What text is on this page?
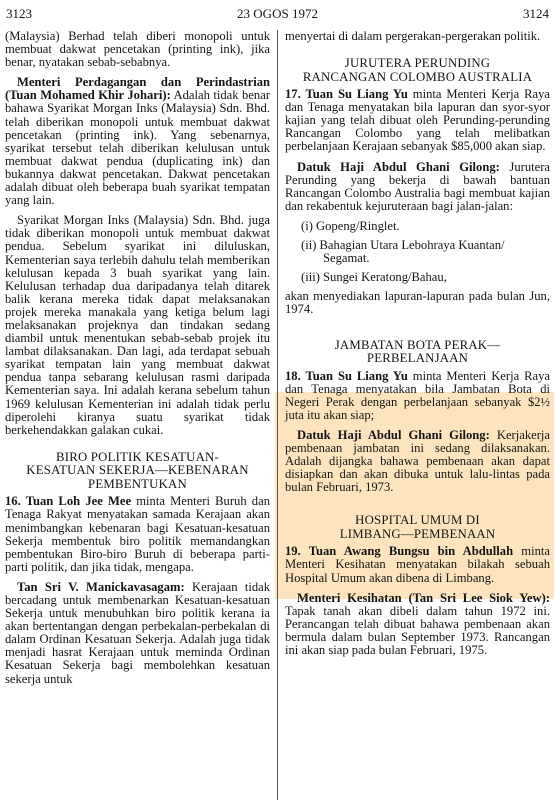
3123	23 OGOS 1972	3124

(Malaysia) Berhad telah diberi monopoli untuk membuat dakwat pencetakan (printing ink), jika benar, nyatakan sebab-sebabnya.

Menteri Perdagangan dan Perindastrian (Tuan Mohamed Khir Johari): Adalah tidak benar bahawa Syarikat Morgan Inks (Malaysia) Sdn. Bhd. telah diberikan monopoli untuk membuat dakwat pencetakan (printing ink). Yang sebenarnya, syarikat tersebut telah diberikan kelulusan untuk membuat dakwat pendua (duplicating ink) dan bukannya dakwat pencetakan. Dakwat pencetakan adalah dibuat oleh beberapa buah syarikat tempatan yang lain.

Syarikat Morgan Inks (Malaysia) Sdn. Bhd. juga tidak diberikan monopoli untuk membuat dakwat pendua. Sebelum syarikat ini diluluskan, Kementerian saya terlebih dahulu telah memberikan kelulusan kepada 3 buah syarikat yang lain. Kelulusan terhadap dua daripadanya telah ditarek balik kerana mereka tidak dapat melaksanakan projek mereka manakala yang ketiga belum lagi melaksanakan projeknya dan tindakan sedang diambil untuk menentukan sebab-sebab projek itu lambat dilaksanakan. Dan lagi, ada terdapat sebuah syarikat tempatan lain yang membuat dakwat pendua tanpa sebarang kelulusan rasmi daripada Kementerian saya. Ini adalah kerana sebelum tahun 1969 kelulusan Kementerian ini adalah tidak perlu diperolehi kiranya suatu syarikat tidak berkehendakkan galakan cukai.

BIRO POLITIK KESATUAN-
KESATUAN SEKERJA—KEBENARAN
PEMBENTUKAN

16. Tuan Loh Jee Mee minta Menteri Buruh dan Tenaga Rakyat menyatakan samada Kerajaan akan menimbangkan kebenaran bagi Kesatuan-kesatuan Sekerja membentuk biro politik memandangkan pembentukan Biro-biro Buruh di beberapa parti-parti politik, dan jika tidak, mengapa.

Tan Sri V. Manickavasagam: Kerajaan tidak bercadang untuk membenarkan Kesatuan-kesatuan Sekerja untuk menubuhkan biro politik kerana ia akan bertentangan dengan perbekalan-perbekalan di dalam Ordinan Kesatuan Sekerja. Adalah juga tidak menjadi hasrat Kerajaan untuk meminda Ordinan Kesatuan Sekerja bagi membolehkan kesatuan sekerja untuk

menyertai di dalam pergerakan-pergerakan politik.

JURUTERA PERUNDING
RANCANGAN COLOMBO AUSTRALIA

17. Tuan Su Liang Yu minta Menteri Kerja Raya dan Tenaga menyatakan bila lapuran dan syor-syor kajian yang telah dibuat oleh Perunding-perunding Rancangan Colombo yang telah melibatkan perbelanjaan Kerajaan sebanyak $85,000 akan siap.

Datuk Haji Abdul Ghani Gilong: Jurutera Perunding yang bekerja di bawah bantuan Rancangan Colombo Australia bagi membuat kajian dan rekabentuk kejuruteraan bagi jalan-jalan:

(i) Gopeng/Ringlet.

(ii) Bahagian Utara Lebohraya Kuantan/
Segamat.

(iii) Sungei Keratong/Bahau,

akan menyediakan lapuran-lapuran pada bulan Jun, 1974.

JAMBATAN BOTA PERAK—
PERBELANJAAN

18. Tuan Su Liang Yu minta Menteri Kerja Raya dan Tenaga menyatakan bila Jambatan Bota di Negeri Perak dengan perbelanjaan sebanyak $2½ juta itu akan siap;

Datuk Haji Abdul Ghani Gilong: Kerjakerja pembenaan jambatan ini sedang dilaksanakan. Adalah dijangka bahawa pembenaan akan dapat disiapkan dan akan dibuka untuk lalu-lintas pada bulan Februari, 1973.

HOSPITAL UMUM DI
LIMBANG—PEMBENAAN

19. Tuan Awang Bungsu bin Abdullah minta Menteri Kesihatan menyatakan bilakah sebuah Hospital Umum akan dibena di Limbang.

Menteri Kesihatan (Tan Sri Lee Siok Yew): Tapak tanah akan dibeli dalam tahun 1972 ini. Perancangan telah dibuat bahawa pembenaan akan bermula dalam bulan September 1973. Rancangan ini akan siap pada bulan Februari, 1975.
